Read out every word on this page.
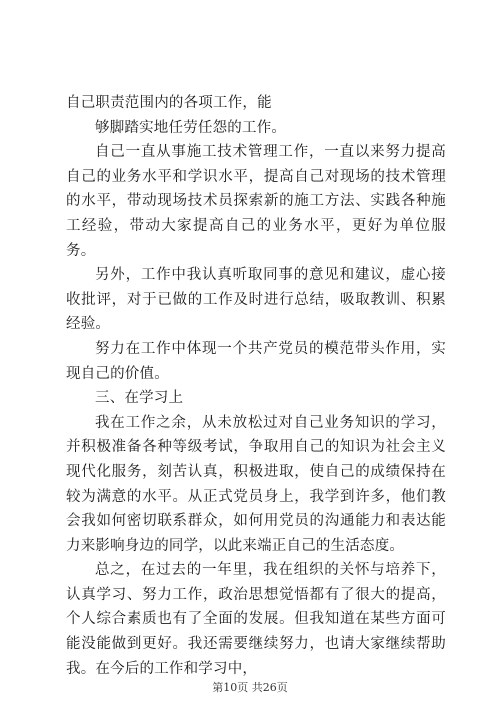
自己职责范围内的各项工作，能

够脚踏实地任劳任怨的工作。

自己一直从事施工技术管理工作，一直以来努力提高自己的业务水平和学识水平，提高自己对现场的技术管理的水平，带动现场技术员探索新的施工方法、实践各种施工经验，带动大家提高自己的业务水平，更好为单位服务。

另外，工作中我认真听取同事的意见和建议，虚心接收批评，对于已做的工作及时进行总结，吸取教训、积累经验。

努力在工作中体现一个共产党员的模范带头作用，实现自己的价值。

三、在学习上

我在工作之余，从未放松过对自己业务知识的学习，并积极准备各种等级考试，争取用自己的知识为社会主义现代化服务，刻苦认真，积极进取，使自己的成绩保持在较为满意的水平。从正式党员身上，我学到许多，他们教会我如何密切联系群众，如何用党员的沟通能力和表达能力来影响身边的同学，以此来端正自己的生活态度。

总之，在过去的一年里，我在组织的关怀与培养下，认真学习、努力工作，政治思想觉悟都有了很大的提高，个人综合素质也有了全面的发展。但我知道在某些方面可能没能做到更好。我还需要继续努力，也请大家继续帮助我。在今后的工作和学习中，

第10页 共26页
